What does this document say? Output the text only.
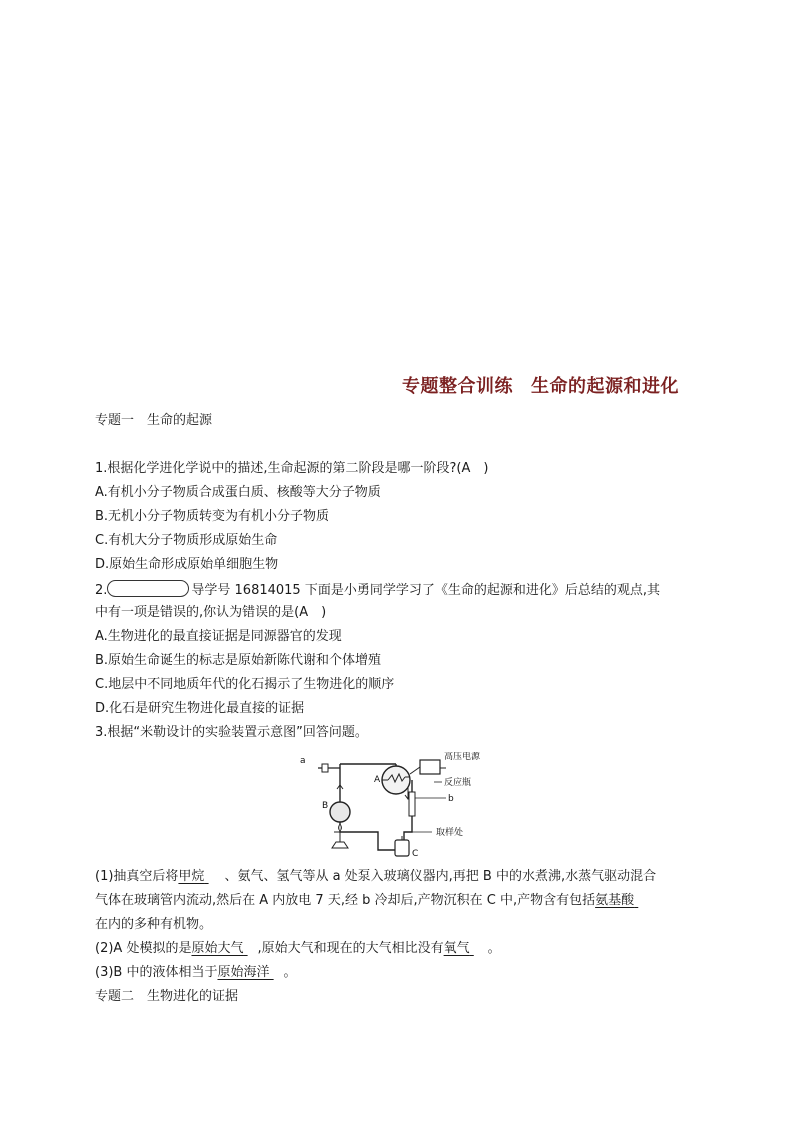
专题整合训练 生命的起源和进化
专题一  生命的起源
1.根据化学进化学说中的描述,生命起源的第二阶段是哪一阶段?(A )
A.有机小分子物质合成蛋白质、核酸等大分子物质
B.无机小分子物质转变为有机小分子物质
C.有机大分子物质形成原始生命
D.原始生命形成原始单细胞生物
2.	导学号 16814015 下面是小勇同学学习了《生命的起源和进化》后总结的观点,其
中有一项是错误的,你认为错误的是(A )
A.生物进化的最直接证据是同源器官的发现
B.原始生命诞生的标志是原始新陈代谢和个体增殖
C.地层中不同地质年代的化石揭示了生物进化的顺序
D.化石是研究生物进化最直接的证据
3.根据“米勒设计的实验装置示意图”回答问题。
a
A
高压电源
反应瓶
b
B
取样处
C
(1)抽真空后将甲烷 、氨气、氢气等从 a 处泵入玻璃仪器内,再把 B 中的水煮沸,水蒸气驱动混合
气体在玻璃管内流动,然后在 A 内放电 7 天,经 b 冷却后,产物沉积在 C 中,产物含有包括氨基酸
在内的多种有机物。
(2)A 处模拟的是原始大气 ,原始大气和现在的大气相比没有氧气 。
(3)B 中的液体相当于原始海洋 。
专题二  生物进化的证据
